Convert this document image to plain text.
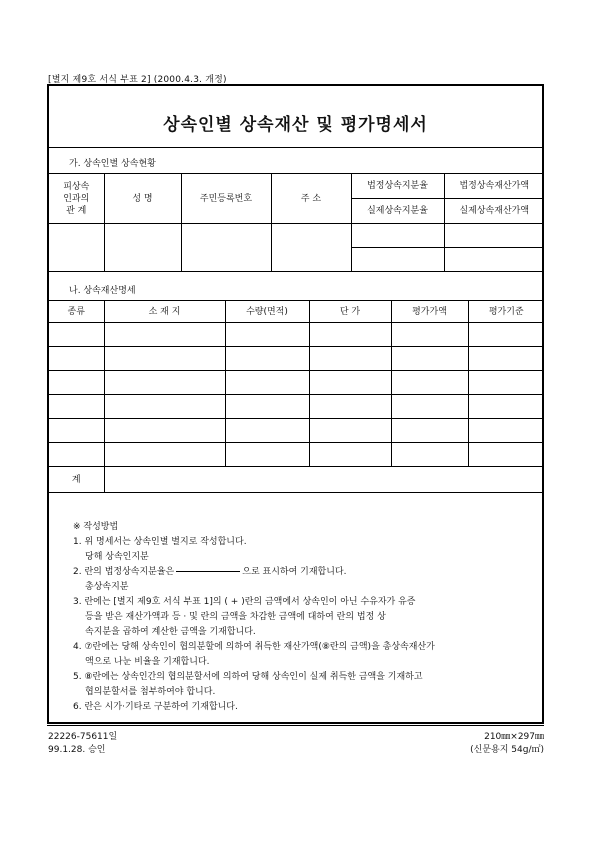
[별지 제9호 서식 부표 2] (2000.4.3. 개정)
상속인별 상속재산 및 평가명세서
가. 상속인별 상속현황
피상속
인과의
관 계	성 명	주민등록번호	주 소	법정상속지분율	법정상속재산가액
				실제상속지분율	실제상속재산가액

나. 상속재산명세
종류	소 재 지	수량(면적)	단 가	평가가액	평가기준

계					
※ 작성방법
1. 위 명세서는 상속인별 별지로 작성합니다.
당해 상속인지분
2. 란의 법정상속지분율은	으로 표시하여 기재합니다.
총상속지분
3. 란에는 [별지 제9호 서식 부표 1]의 ( + )란의 금액에서 상속인이 아닌 수유자가 유증
등을 받은 재산가액과 등 · 및 란의 금액을 차감한 금액에 대하여 란의 법정 상
속지분을 곱하여 계산한 금액을 기재합니다.
4. ⑦란에는 당해 상속인이 협의분할에 의하여 취득한 재산가액(⑧란의 금액)을 총상속재산가
액으로 나눈 비율을 기재합니다.
5. ⑧란에는 상속인간의 협의분할서에 의하여 당해 상속인이 실제 취득한 금액을 기재하고
협의분할서를 첨부하여야 합니다.
6. 란은 시가·기타로 구분하여 기재합니다.
22226-75611일
99.1.28. 승인
210㎜×297㎜
(신문용지 54g/㎡)
